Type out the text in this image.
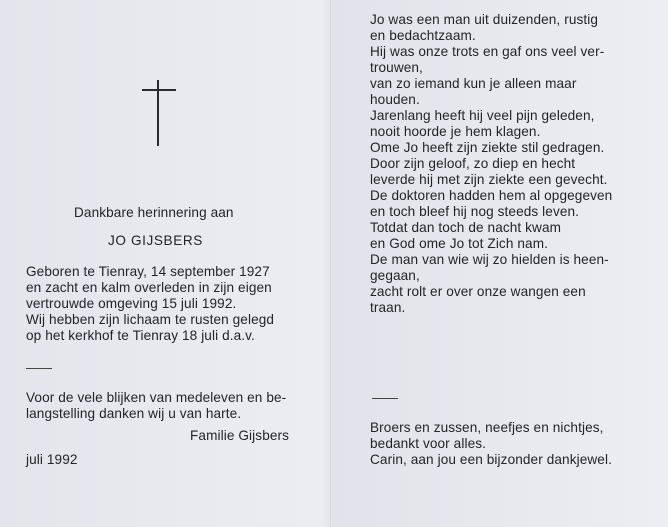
Dankbare herinnering aan
JO GIJSBERS
Geboren te Tienray, 14 september 1927
en zacht en kalm overleden in zijn eigen
vertrouwde omgeving 15 juli 1992.
Wij hebben zijn lichaam te rusten gelegd
op het kerkhof te Tienray 18 juli d.a.v.
Voor de vele blijken van medeleven en be-
langstelling danken wij u van harte.
Familie Gijsbers
juli 1992
Jo was een man uit duizenden, rustig
en bedachtzaam.
Hij was onze trots en gaf ons veel ver-
trouwen,
van zo iemand kun je alleen maar
houden.
Jarenlang heeft hij veel pijn geleden,
nooit hoorde je hem klagen.
Ome Jo heeft zijn ziekte stil gedragen.
Door zijn geloof, zo diep en hecht
leverde hij met zijn ziekte een gevecht.
De doktoren hadden hem al opgegeven
en toch bleef hij nog steeds leven.
Totdat dan toch de nacht kwam
en God ome Jo tot Zich nam.
De man van wie wij zo hielden is heen-
gegaan,
zacht rolt er over onze wangen een
traan.
Broers en zussen, neefjes en nichtjes,
bedankt voor alles.
Carin, aan jou een bijzonder dankjewel.
